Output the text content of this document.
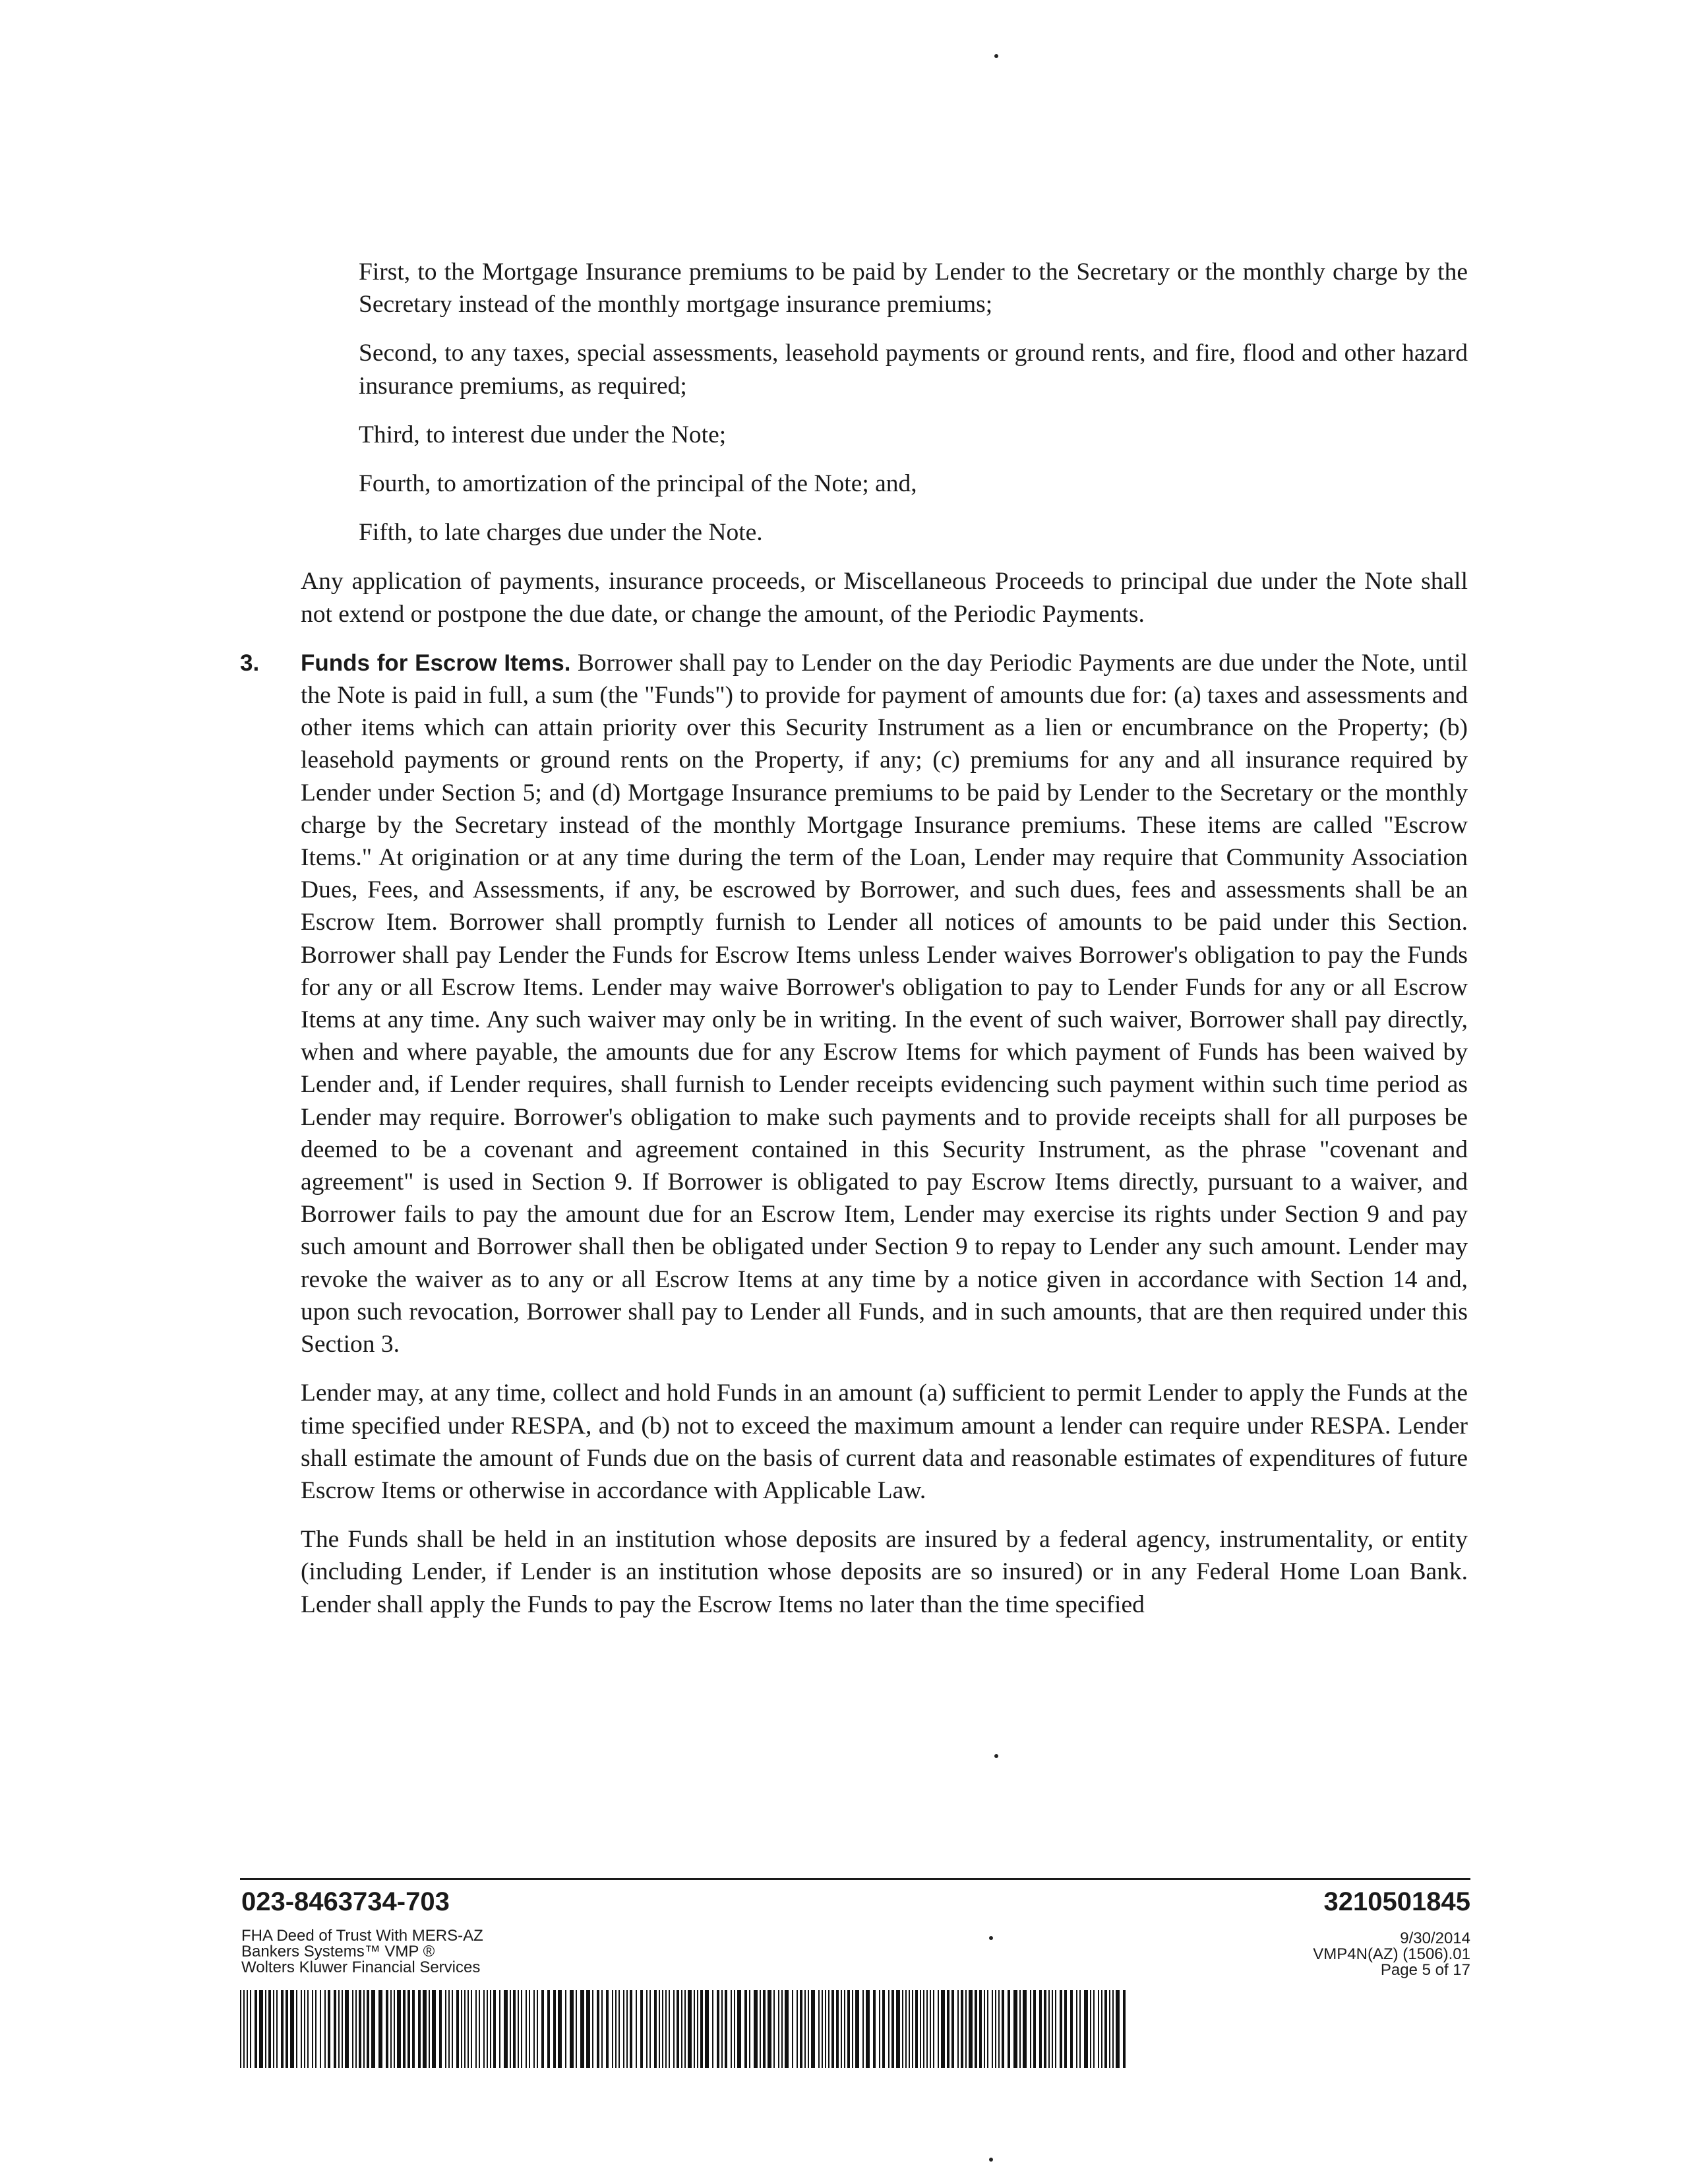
First, to the Mortgage Insurance premiums to be paid by Lender to the Secretary or the monthly charge by the Secretary instead of the monthly mortgage insurance premiums;

Second, to any taxes, special assessments, leasehold payments or ground rents, and fire, flood and other hazard insurance premiums, as required;

Third, to interest due under the Note;

Fourth, to amortization of the principal of the Note; and,

Fifth, to late charges due under the Note.

Any application of payments, insurance proceeds, or Miscellaneous Proceeds to principal due under the Note shall not extend or postpone the due date, or change the amount, of the Periodic Payments.

3. Funds for Escrow Items. Borrower shall pay to Lender on the day Periodic Payments are due under the Note, until the Note is paid in full, a sum (the "Funds") to provide for payment of amounts due for: (a) taxes and assessments and other items which can attain priority over this Security Instrument as a lien or encumbrance on the Property; (b) leasehold payments or ground rents on the Property, if any; (c) premiums for any and all insurance required by Lender under Section 5; and (d) Mortgage Insurance premiums to be paid by Lender to the Secretary or the monthly charge by the Secretary instead of the monthly Mortgage Insurance premiums. These items are called "Escrow Items." At origination or at any time during the term of the Loan, Lender may require that Community Association Dues, Fees, and Assessments, if any, be escrowed by Borrower, and such dues, fees and assessments shall be an Escrow Item. Borrower shall promptly furnish to Lender all notices of amounts to be paid under this Section. Borrower shall pay Lender the Funds for Escrow Items unless Lender waives Borrower's obligation to pay the Funds for any or all Escrow Items. Lender may waive Borrower's obligation to pay to Lender Funds for any or all Escrow Items at any time. Any such waiver may only be in writing. In the event of such waiver, Borrower shall pay directly, when and where payable, the amounts due for any Escrow Items for which payment of Funds has been waived by Lender and, if Lender requires, shall furnish to Lender receipts evidencing such payment within such time period as Lender may require. Borrower's obligation to make such payments and to provide receipts shall for all purposes be deemed to be a covenant and agreement contained in this Security Instrument, as the phrase "covenant and agreement" is used in Section 9. If Borrower is obligated to pay Escrow Items directly, pursuant to a waiver, and Borrower fails to pay the amount due for an Escrow Item, Lender may exercise its rights under Section 9 and pay such amount and Borrower shall then be obligated under Section 9 to repay to Lender any such amount. Lender may revoke the waiver as to any or all Escrow Items at any time by a notice given in accordance with Section 14 and, upon such revocation, Borrower shall pay to Lender all Funds, and in such amounts, that are then required under this Section 3.

Lender may, at any time, collect and hold Funds in an amount (a) sufficient to permit Lender to apply the Funds at the time specified under RESPA, and (b) not to exceed the maximum amount a lender can require under RESPA. Lender shall estimate the amount of Funds due on the basis of current data and reasonable estimates of expenditures of future Escrow Items or otherwise in accordance with Applicable Law.

The Funds shall be held in an institution whose deposits are insured by a federal agency, instrumentality, or entity (including Lender, if Lender is an institution whose deposits are so insured) or in any Federal Home Loan Bank. Lender shall apply the Funds to pay the Escrow Items no later than the time specified

023-8463734-703	3210501845
FHA Deed of Trust With MERS-AZ
Bankers Systems™ VMP ®
Wolters Kluwer Financial Services
9/30/2014
VMP4N(AZ) (1506).01
Page 5 of 17
